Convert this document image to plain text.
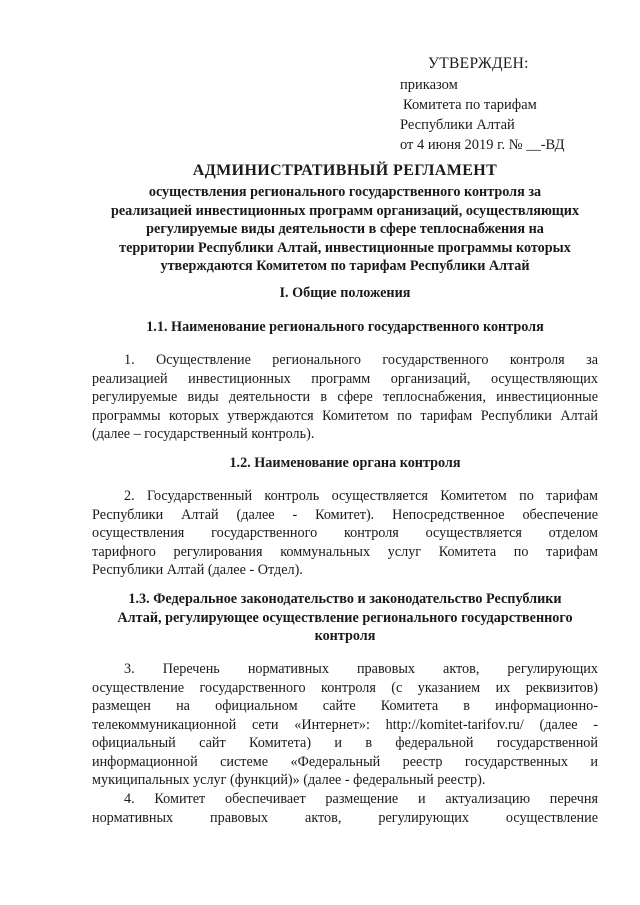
УТВЕРЖДЕН:
приказом
Комитета по тарифам
Республики Алтай
от 4 июня 2019 г. № __-ВД
АДМИНИСТРАТИВНЫЙ РЕГЛАМЕНТ
осуществления регионального государственного контроля за
реализацией инвестиционных программ организаций, осуществляющих
регулируемые виды деятельности в сфере теплоснабжения на
территории Республики Алтай, инвестиционные программы которых
утверждаются Комитетом по тарифам Республики Алтай
I. Общие положения
1.1. Наименование регионального государственного контроля
1. Осуществление регионального государственного контроля за
реализацией инвестиционных программ организаций, осуществляющих
регулируемые виды деятельности в сфере теплоснабжения, инвестиционные
программы которых утверждаются Комитетом по тарифам Республики Алтай
(далее – государственный контроль).
1.2. Наименование органа контроля
2. Государственный контроль осуществляется Комитетом по тарифам
Республики Алтай (далее - Комитет). Непосредственное обеспечение
осуществления государственного контроля осуществляется отделом
тарифного регулирования коммунальных услуг Комитета по тарифам
Республики Алтай (далее - Отдел).
1.3. Федеральное законодательство и законодательство Республики
Алтай, регулирующее осуществление регионального государственного
контроля
3. Перечень нормативных правовых актов, регулирующих
осуществление государственного контроля (с указанием их реквизитов)
размещен на официальном сайте Комитета в информационно-
телекоммуникационной сети «Интернет»: http://komitet-tarifov.ru/ (далее -
официальный сайт Комитета) и в федеральной государственной
информационной системе «Федеральный реестр государственных и
мукиципальных услуг (функций)» (далее - федеральный реестр).
4. Комитет обеспечивает размещение и актуализацию перечня
нормативных правовых актов, регулирующих осуществление
